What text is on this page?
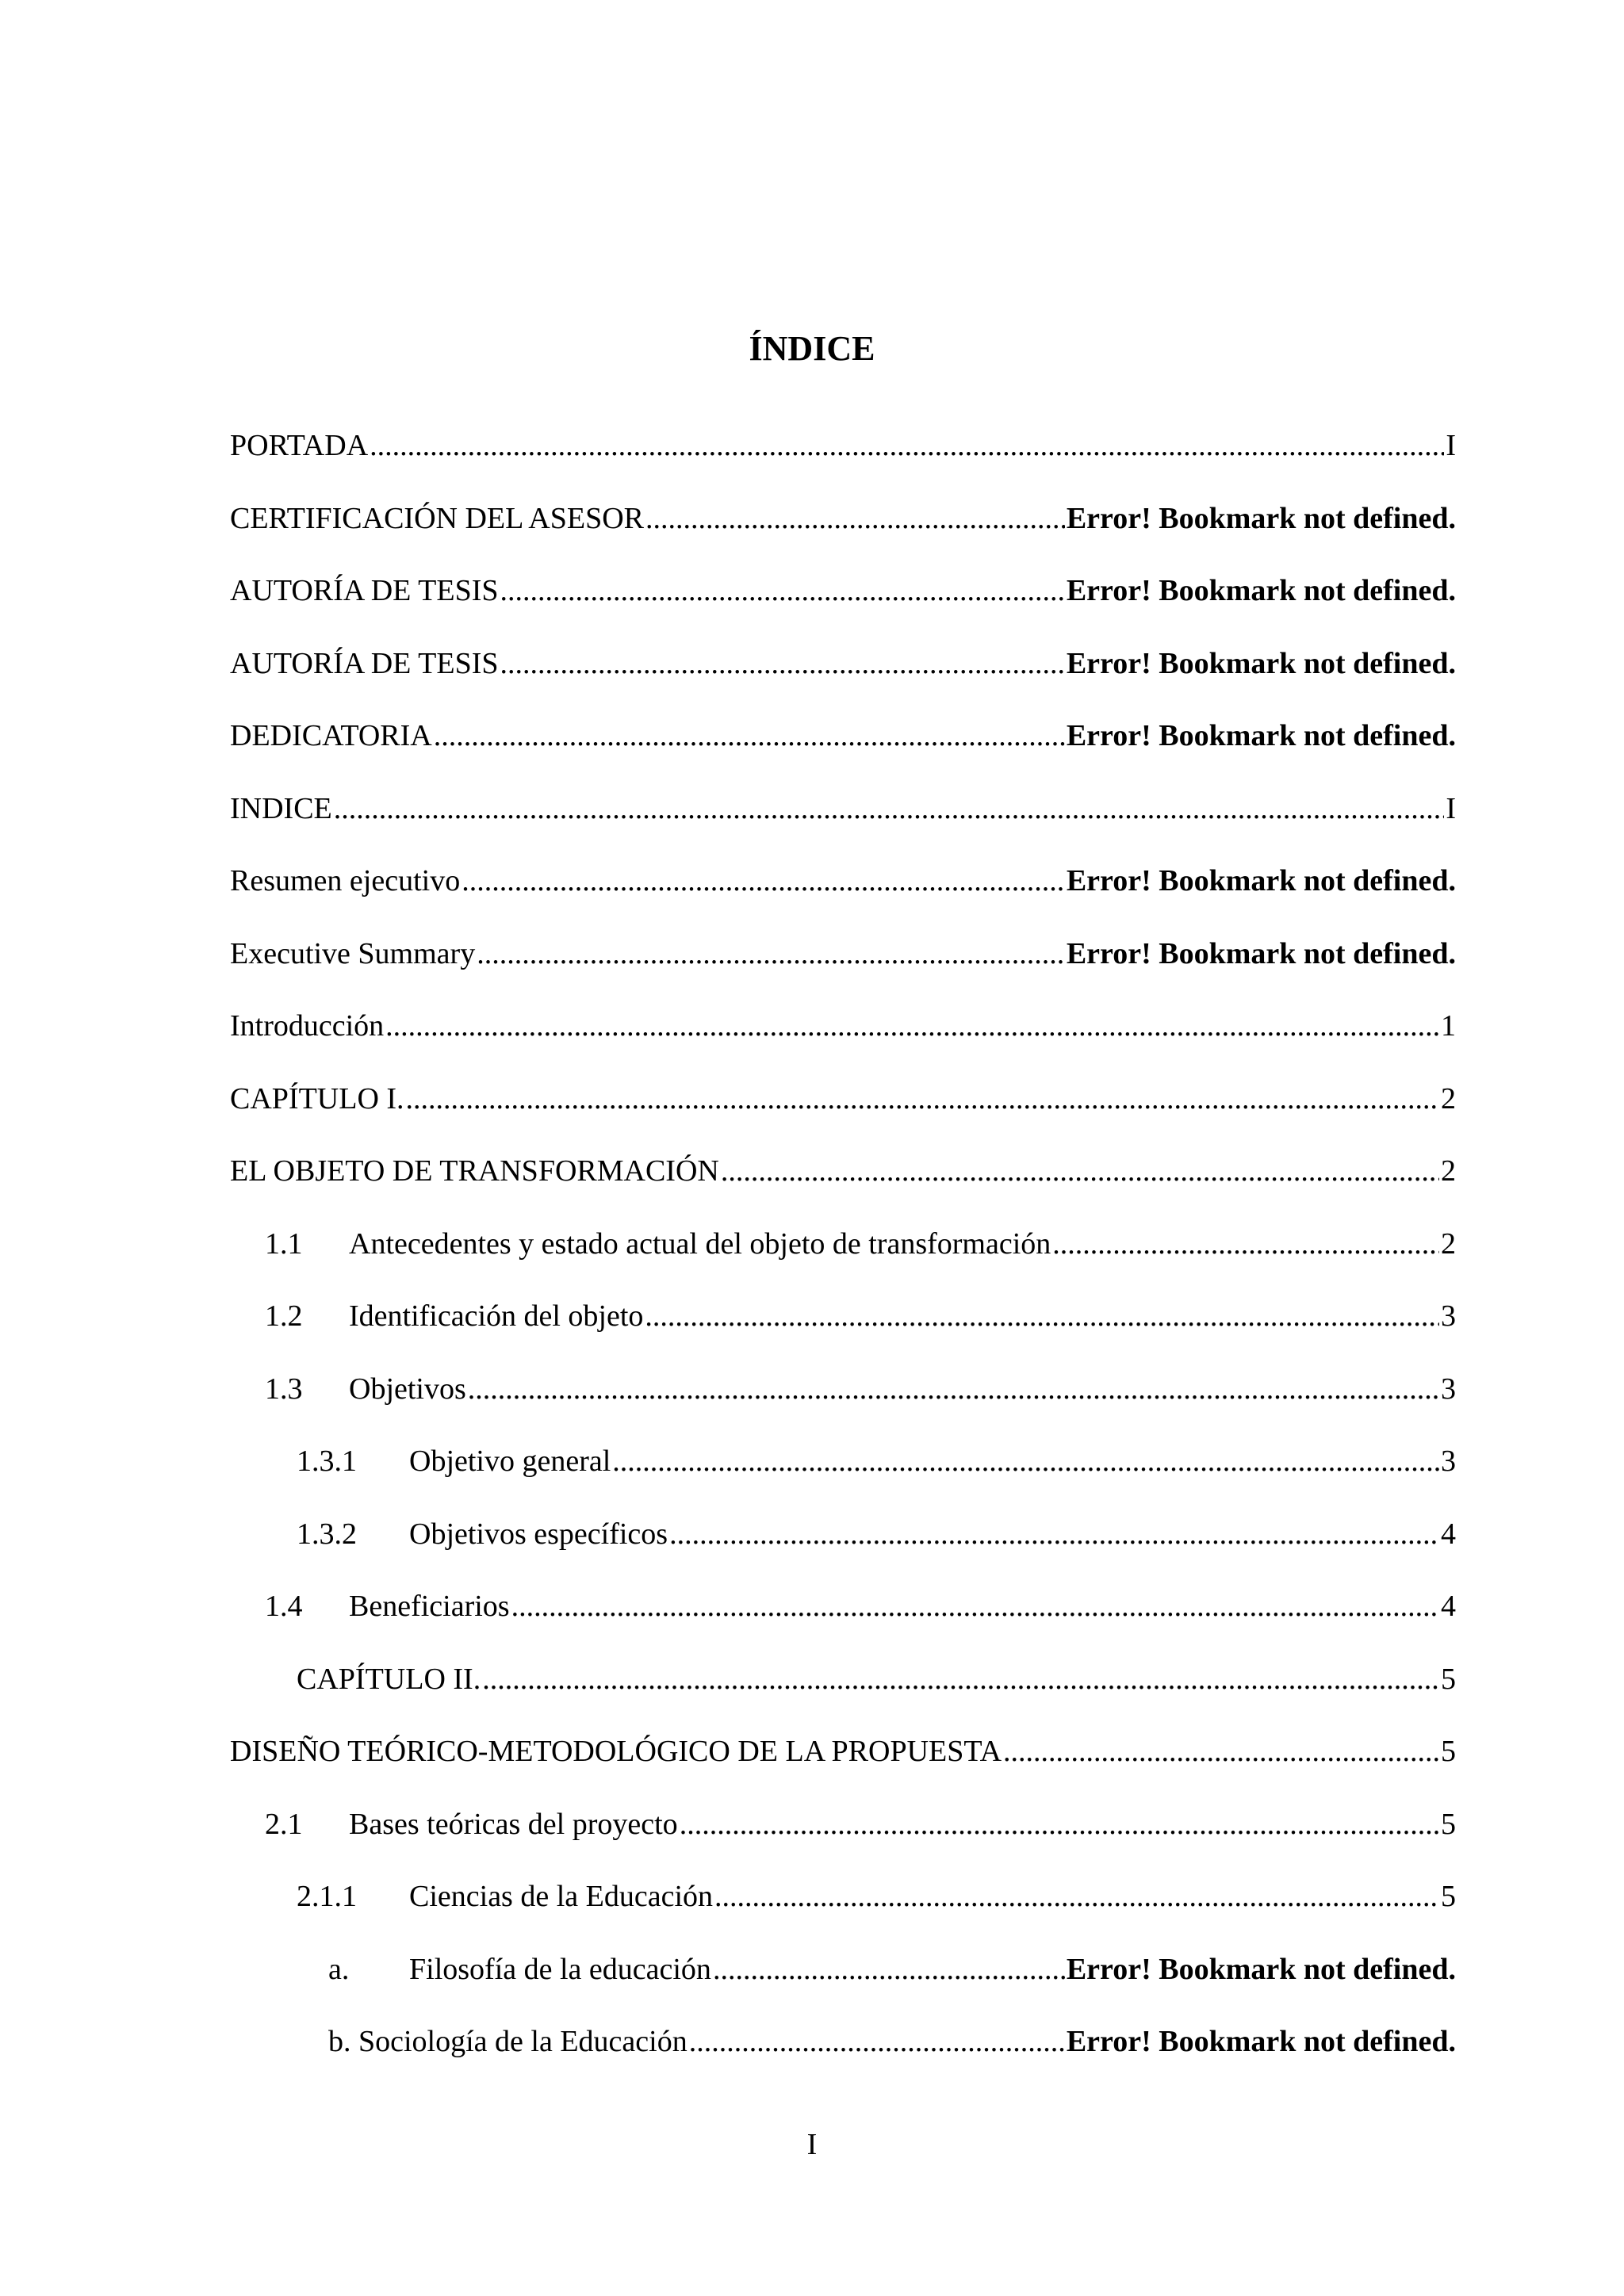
ÍNDICE
PORTADA .....	I
CERTIFICACIÓN DEL ASESOR .....	Error! Bookmark not defined.
AUTORÍA DE TESIS .....	Error! Bookmark not defined.
AUTORÍA DE TESIS .....	Error! Bookmark not defined.
DEDICATORIA .....	Error! Bookmark not defined.
INDICE .....	I
Resumen ejecutivo .....	Error! Bookmark not defined.
Executive Summary .....	Error! Bookmark not defined.
Introducción .....	1
CAPÍTULO I. .....	2
EL OBJETO DE TRANSFORMACIÓN .....	2
1.1	Antecedentes y estado actual del objeto de transformación .....	2
1.2	Identificación del objeto .....	3
1.3	Objetivos .....	3
1.3.1	Objetivo general .....	3
1.3.2	Objetivos específicos .....	4
1.4	Beneficiarios .....	4
CAPÍTULO II. .....	5
DISEÑO TEÓRICO-METODOLÓGICO DE LA PROPUESTA .....	5
2.1	Bases teóricas del proyecto .....	5
2.1.1	Ciencias de la Educación .....	5
a.	Filosofía de la educación .....	Error! Bookmark not defined.
b. Sociología de la Educación .....	Error! Bookmark not defined.

I
